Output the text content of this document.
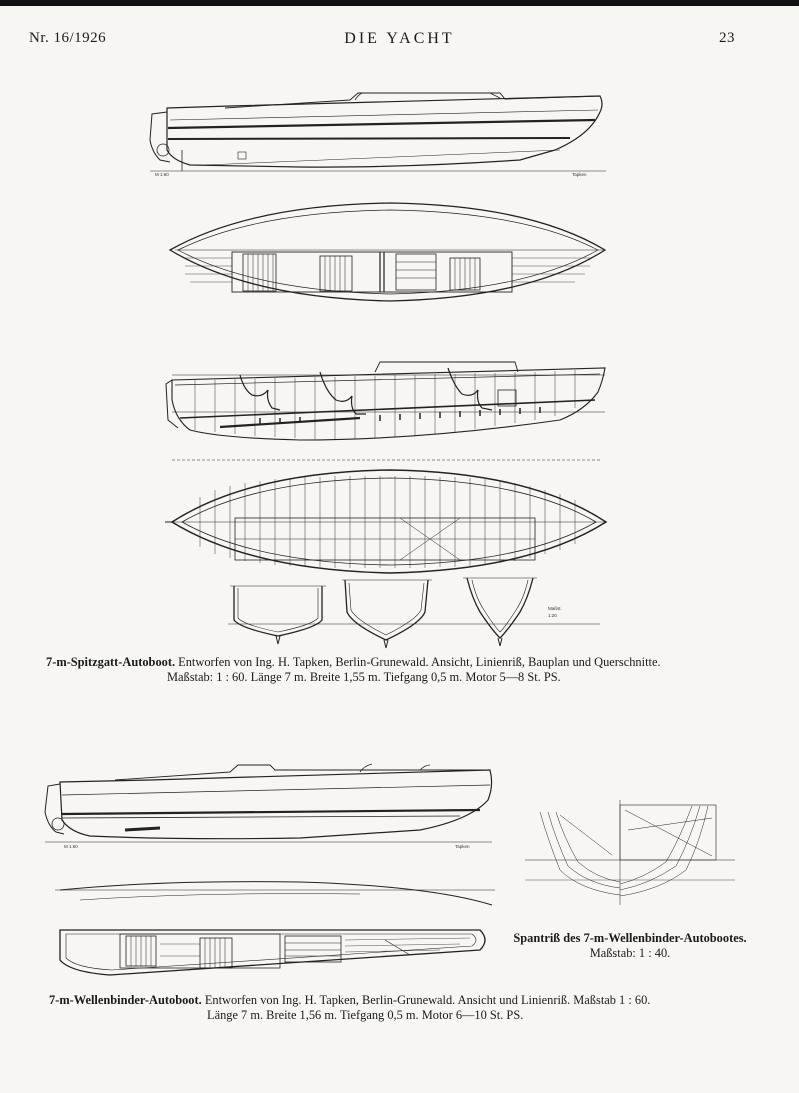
Nr. 16/1926	DIE YACHT	23
M 1:60	Tapken
Maßst.
1:20
M 1:60	Tapken
7-m-Spitzgatt-Autoboot. Entworfen von Ing. H. Tapken, Berlin-Grunewald. Ansicht, Linienriß, Bauplan und Querschnitte.
Maßstab: 1 : 60. Länge 7 m. Breite 1,55 m. Tiefgang 0,5 m. Motor 5—8 St. PS.
Spantriß des 7-m-Wellenbinder-Autobootes.
Maßstab: 1 : 40.
7-m-Wellenbinder-Autoboot. Entworfen von Ing. H. Tapken, Berlin-Grunewald. Ansicht und Linienriß. Maßstab 1 : 60.
Länge 7 m. Breite 1,56 m. Tiefgang 0,5 m. Motor 6—10 St. PS.
